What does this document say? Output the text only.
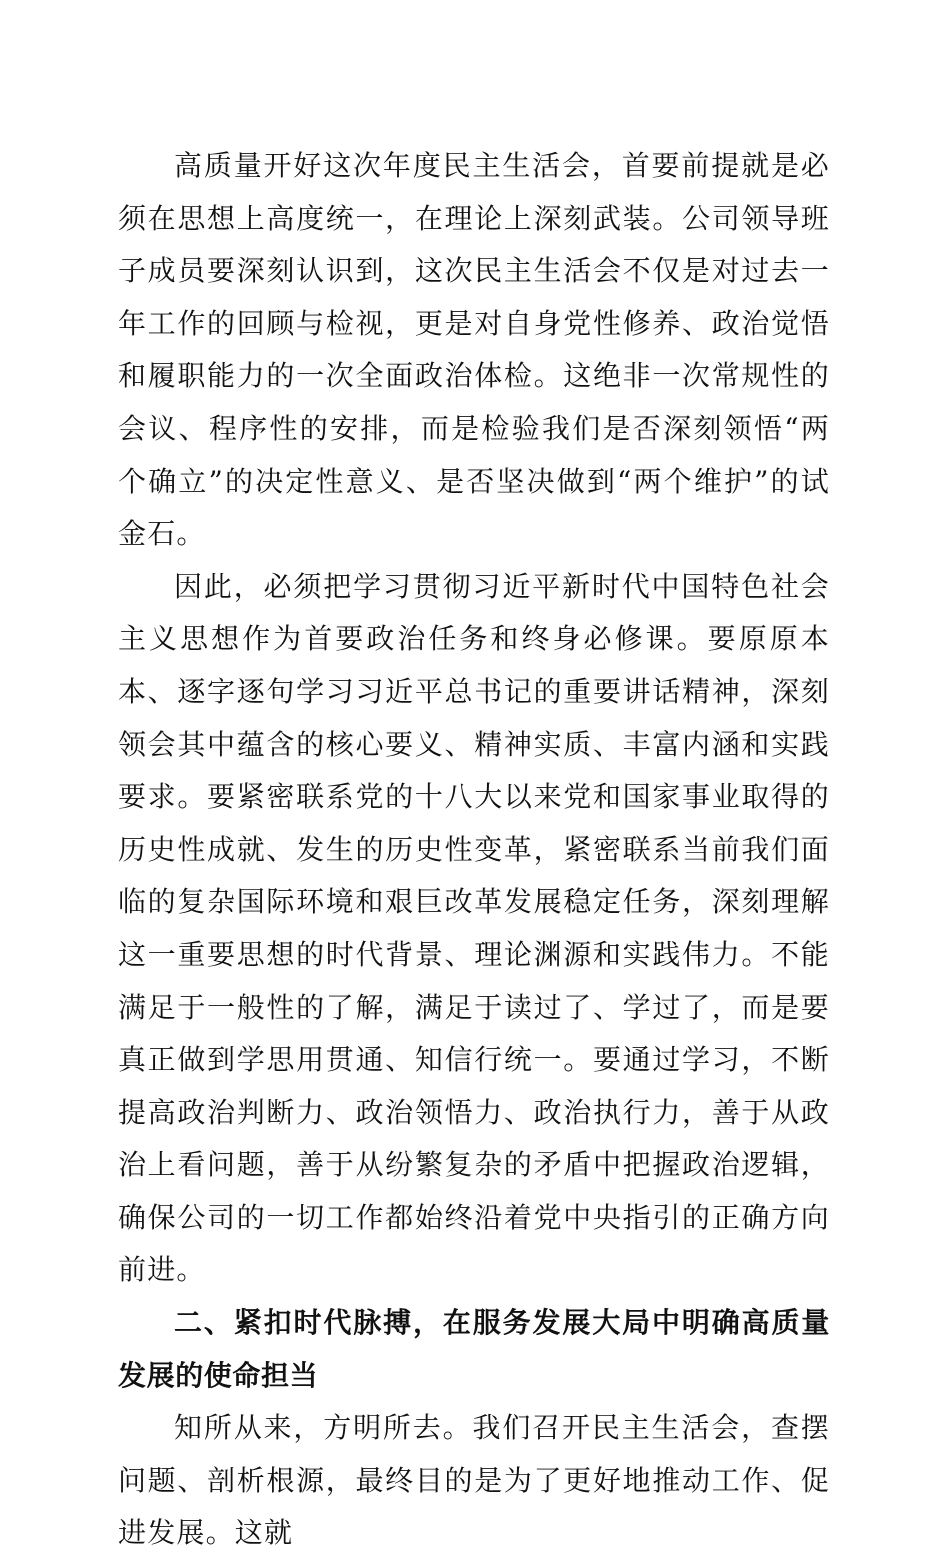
高质量开好这次年度民主生活会，首要前提就是必须在思想上高度统一，在理论上深刻武装。公司领导班子成员要深刻认识到，这次民主生活会不仅是对过去一年工作的回顾与检视，更是对自身党性修养、政治觉悟和履职能力的一次全面政治体检。这绝非一次常规性的会议、程序性的安排，而是检验我们是否深刻领悟“两个确立”的决定性意义、是否坚决做到“两个维护”的试金石。

因此，必须把学习贯彻习近平新时代中国特色社会主义思想作为首要政治任务和终身必修课。要原原本本、逐字逐句学习习近平总书记的重要讲话精神，深刻领会其中蕴含的核心要义、精神实质、丰富内涵和实践要求。要紧密联系党的十八大以来党和国家事业取得的历史性成就、发生的历史性变革，紧密联系当前我们面临的复杂国际环境和艰巨改革发展稳定任务，深刻理解这一重要思想的时代背景、理论渊源和实践伟力。不能满足于一般性的了解，满足于读过了、学过了，而是要真正做到学思用贯通、知信行统一。要通过学习，不断提高政治判断力、政治领悟力、政治执行力，善于从政治上看问题，善于从纷繁复杂的矛盾中把握政治逻辑，确保公司的一切工作都始终沿着党中央指引的正确方向前进。

二、紧扣时代脉搏，在服务发展大局中明确高质量发展的使命担当

知所从来，方明所去。我们召开民主生活会，查摆问题、剖析根源，最终目的是为了更好地推动工作、促进发展。这就
